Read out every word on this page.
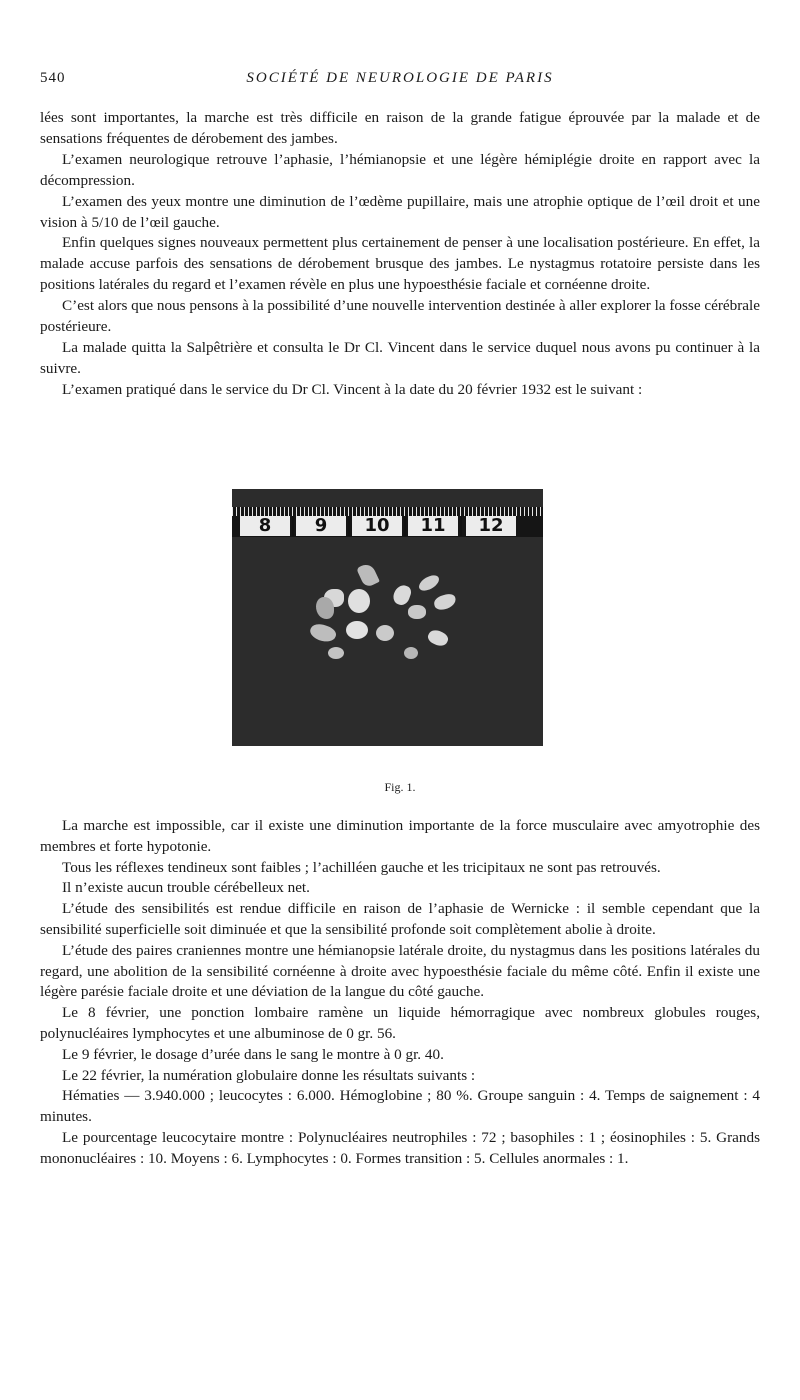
540	SOCIÉTÉ DE NEUROLOGIE DE PARIS

lées sont importantes, la marche est très difficile en raison de la grande fatigue éprouvée par la malade et de sensations fréquentes de dérobement des jambes.

L’examen neurologique retrouve l’aphasie, l’hémianopsie et une légère hémiplégie droite en rapport avec la décompression.

L’examen des yeux montre une diminution de l’œdème pupillaire, mais une atrophie optique de l’œil droit et une vision à 5/10 de l’œil gauche.

Enfin quelques signes nouveaux permettent plus certainement de penser à une localisation postérieure. En effet, la malade accuse parfois des sensations de dérobement brusque des jambes. Le nystagmus rotatoire persiste dans les positions latérales du regard et l’examen révèle en plus une hypoesthésie faciale et cornéenne droite.

C’est alors que nous pensons à la possibilité d’une nouvelle intervention destinée à aller explorer la fosse cérébrale postérieure.

La malade quitta la Salpêtrière et consulta le Dr Cl. Vincent dans le service duquel nous avons pu continuer à la suivre.

L’examen pratiqué dans le service du Dr Cl. Vincent à la date du 20 février 1932 est le suivant :

8	9	10	11	12
Fig. 1.

La marche est impossible, car il existe une diminution importante de la force musculaire avec amyotrophie des membres et forte hypotonie.

Tous les réflexes tendineux sont faibles ; l’achilléen gauche et les tricipitaux ne sont pas retrouvés.

Il n’existe aucun trouble cérébelleux net.

L’étude des sensibilités est rendue difficile en raison de l’aphasie de Wernicke : il semble cependant que la sensibilité superficielle soit diminuée et que la sensibilité profonde soit complètement abolie à droite.

L’étude des paires craniennes montre une hémianopsie latérale droite, du nystagmus dans les positions latérales du regard, une abolition de la sensibilité cornéenne à droite avec hypoesthésie faciale du même côté. Enfin il existe une légère parésie faciale droite et une déviation de la langue du côté gauche.

Le 8 février, une ponction lombaire ramène un liquide hémorragique avec nombreux globules rouges, polynucléaires lymphocytes et une albuminose de 0 gr. 56.

Le 9 février, le dosage d’urée dans le sang le montre à 0 gr. 40.

Le 22 février, la numération globulaire donne les résultats suivants :

Hématies — 3.940.000 ; leucocytes : 6.000. Hémoglobine ; 80 %. Groupe sanguin : 4. Temps de saignement : 4 minutes.

Le pourcentage leucocytaire montre : Polynucléaires neutrophiles : 72 ; basophiles : 1 ; éosinophiles : 5. Grands mononucléaires : 10. Moyens : 6. Lymphocytes : 0. Formes transition : 5. Cellules anormales : 1.
